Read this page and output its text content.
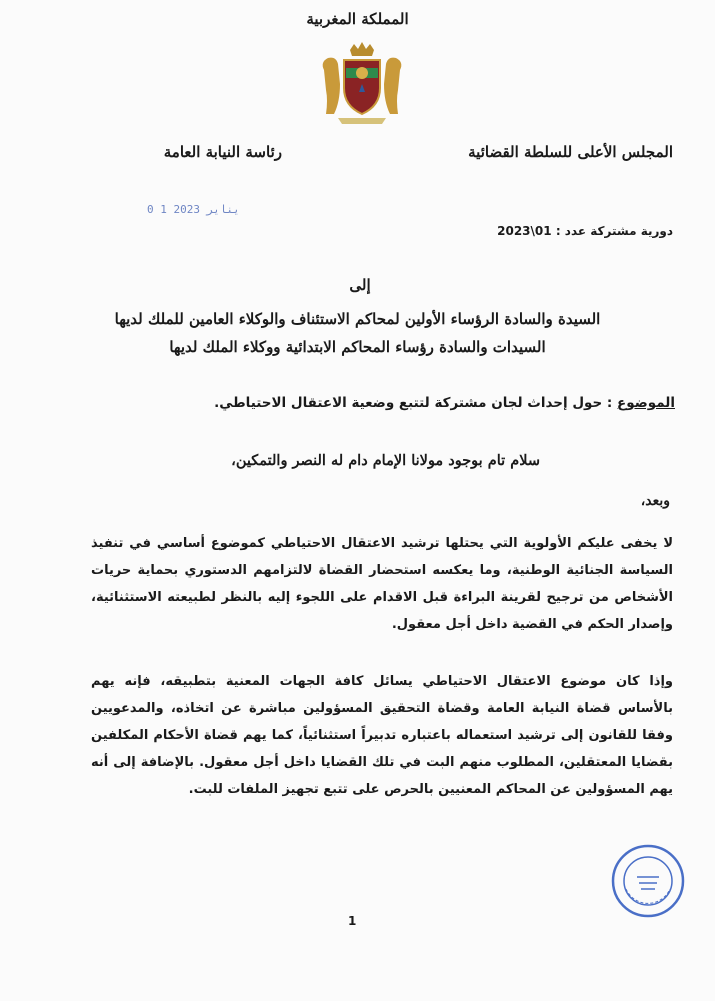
المملكة المغربية
المجلس الأعلى للسلطة القضائية
رئاسة النيابة العامة
0 1 يناير 2023
دورية مشتركة عدد : 01\2023
إلى
السيدة والسادة الرؤساء الأولين لمحاكم الاستئناف والوكلاء العامين للملك لديها
السيدات والسادة رؤساء المحاكم الابتدائية ووكلاء الملك لديها
الموضوع : حول إحداث لجان مشتركة لتتبع وضعية الاعتقال الاحتياطي.
سلام تام بوجود مولانا الإمام دام له النصر والتمكين،
وبعد،
لا يخفى عليكم الأولوية التي يحتلها ترشيد الاعتقال الاحتياطي كموضوع أساسي في تنفيذ السياسة الجنائية الوطنية، وما يعكسه استحضار القضاة لالتزامهم الدستوري بحماية حريات الأشخاص من ترجيح لقرينة البراءة قبل الاقدام على اللجوء إليه بالنظر لطبيعته الاستثنائية، وإصدار الحكم في القضية داخل أجل معقول.
وإذا كان موضوع الاعتقال الاحتياطي يسائل كافة الجهات المعنية بتطبيقه، فإنه يهم بالأساس قضاة النيابة العامة وقضاة التحقيق المسؤولين مباشرة عن اتخاذه، والمدعويين وفقا للقانون إلى ترشيد استعماله باعتباره تدبيراً استثنائياً، كما يهم قضاة الأحكام المكلفين بقضايا المعتقلين، المطلوب منهم البت في تلك القضايا داخل أجل معقول. بالإضافة إلى أنه يهم المسؤولين عن المحاكم المعنيين بالحرص على تتبع تجهيز الملفات للبت.
1
